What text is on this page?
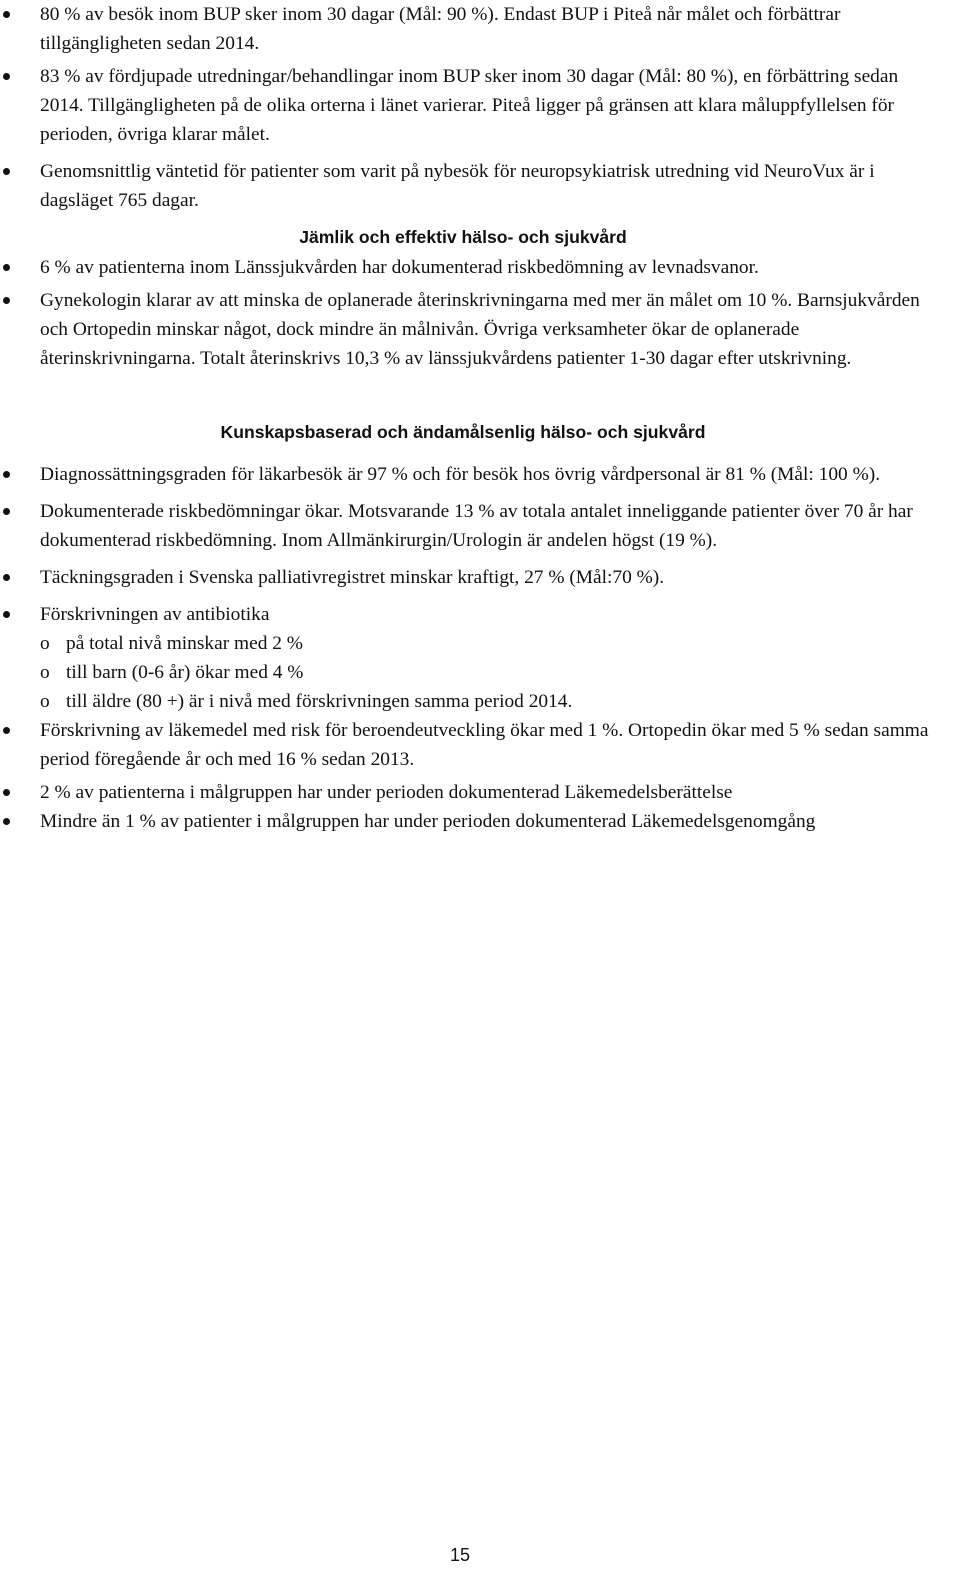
80 % av besök inom BUP sker inom 30 dagar (Mål: 90 %). Endast BUP i Piteå når målet och förbättrar tillgängligheten sedan 2014.
83 % av fördjupade utredningar/behandlingar inom BUP sker inom 30 dagar (Mål: 80 %), en förbättring sedan 2014. Tillgängligheten på de olika orterna i länet varierar. Piteå ligger på gränsen att klara måluppfyllelsen för perioden, övriga klarar målet.
Genomsnittlig väntetid för patienter som varit på nybesök för neuropsykiatrisk utredning vid NeuroVux är i dagsläget 765 dagar.
Jämlik och effektiv hälso- och sjukvård
6 % av patienterna inom Länssjukvården har dokumenterad riskbedömning av levnadsvanor.
Gynekologin klarar av att minska de oplanerade återinskrivningarna med mer än målet om 10 %. Barnsjukvården och Ortopedin minskar något, dock mindre än målnivån. Övriga verksamheter ökar de oplanerade återinskrivningarna. Totalt återinskrivs 10,3 % av länssjukvårdens patienter 1-30 dagar efter utskrivning.
Kunskapsbaserad och ändamålsenlig hälso- och sjukvård
Diagnossättningsgraden för läkarbesök är 97 % och för besök hos övrig vårdpersonal är 81 % (Mål: 100 %).
Dokumenterade riskbedömningar ökar. Motsvarande 13 % av totala antalet inneliggande patienter över 70 år har dokumenterad riskbedömning. Inom Allmänkirurgin/Urologin är andelen högst (19 %).
Täckningsgraden i Svenska palliativregistret minskar kraftigt, 27 % (Mål:70 %).
Förskrivningen av antibiotika
o på total nivå minskar med 2 %
o till barn (0-6 år) ökar med 4 %
o till äldre (80 +) är i nivå med förskrivningen samma period 2014.
Förskrivning av läkemedel med risk för beroendeutveckling ökar med 1 %. Ortopedin ökar med 5 % sedan samma period föregående år och med 16 % sedan 2013.
2 % av patienterna i målgruppen har under perioden dokumenterad Läkemedelsberättelse
Mindre än 1 % av patienter i målgruppen har under perioden dokumenterad Läkemedelsgenomgång
15
